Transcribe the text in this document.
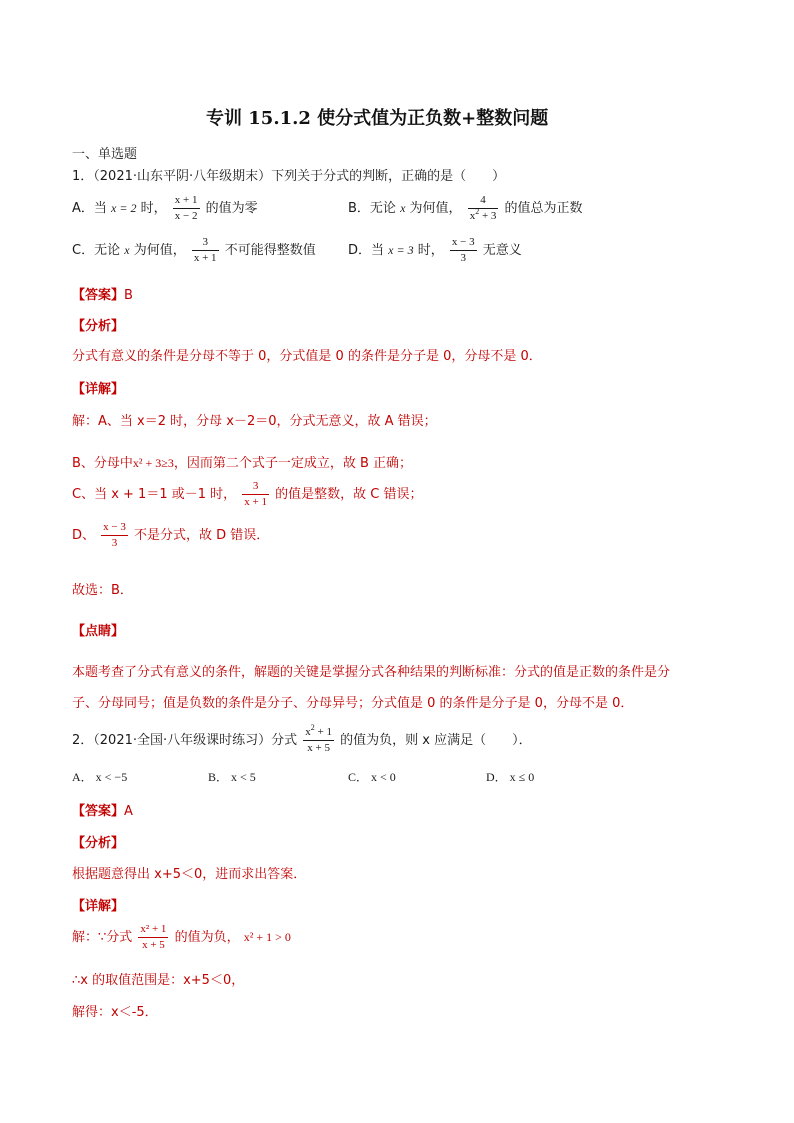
专训 15.1.2 使分式值为正负数+整数问题
一、单选题
1．（2021·山东平阴·八年级期末）下列关于分式的判断，正确的是（　　）
A．当 x = 2 时， $\frac{x + 1}{x - 2}$ 的值为零	B．无论 x 为何值， $\frac{4}{x^2 + 3}$ 的值总为正数
C．无论 x 为何值， $\frac{3}{x + 1}$ 不可能得整数值 D．当 x = 3 时， $\frac{x - 3}{3}$ 无意义
【答案】B
【分析】
分式有意义的条件是分母不等于 0，分式值是 0 的条件是分子是 0，分母不是 0．
【详解】
解：A、当 x＝2 时，分母 x－2＝0，分式无意义，故 A 错误；
B、分母中x² + 3≥3，因而第二个式子一定成立，故 B 正确；
C、当 x + 1＝1 或－1 时， $\frac{3}{x + 1}$ 的值是整数，故 C 错误；
D、 $\frac{x - 3}{3}$ 不是分式，故 D 错误．
故选：B．
【点睛】
本题考查了分式有意义的条件，解题的关键是掌握分式各种结果的判断标准：分式的值是正数的条件是分
子、分母同号；值是负数的条件是分子、分母异号；分式值是 0 的条件是分子是 0，分母不是 0．
2．（2021·全国·八年级课时练习）分式 $\frac{x^2 + 1}{x + 5}$ 的值为负，则 x 应满足（　　）．
A． x < −5	B． x < 5	C． x < 0	D． x ≤ 0
【答案】A
【分析】
根据题意得出 x+5＜0，进而求出答案．
【详解】
解：∵分式 $\frac{\text{x² + 1}}{x + 5}$ 的值为负， x² + 1 > 0
∴x 的取值范围是：x+5＜0，
解得：x＜-5．
